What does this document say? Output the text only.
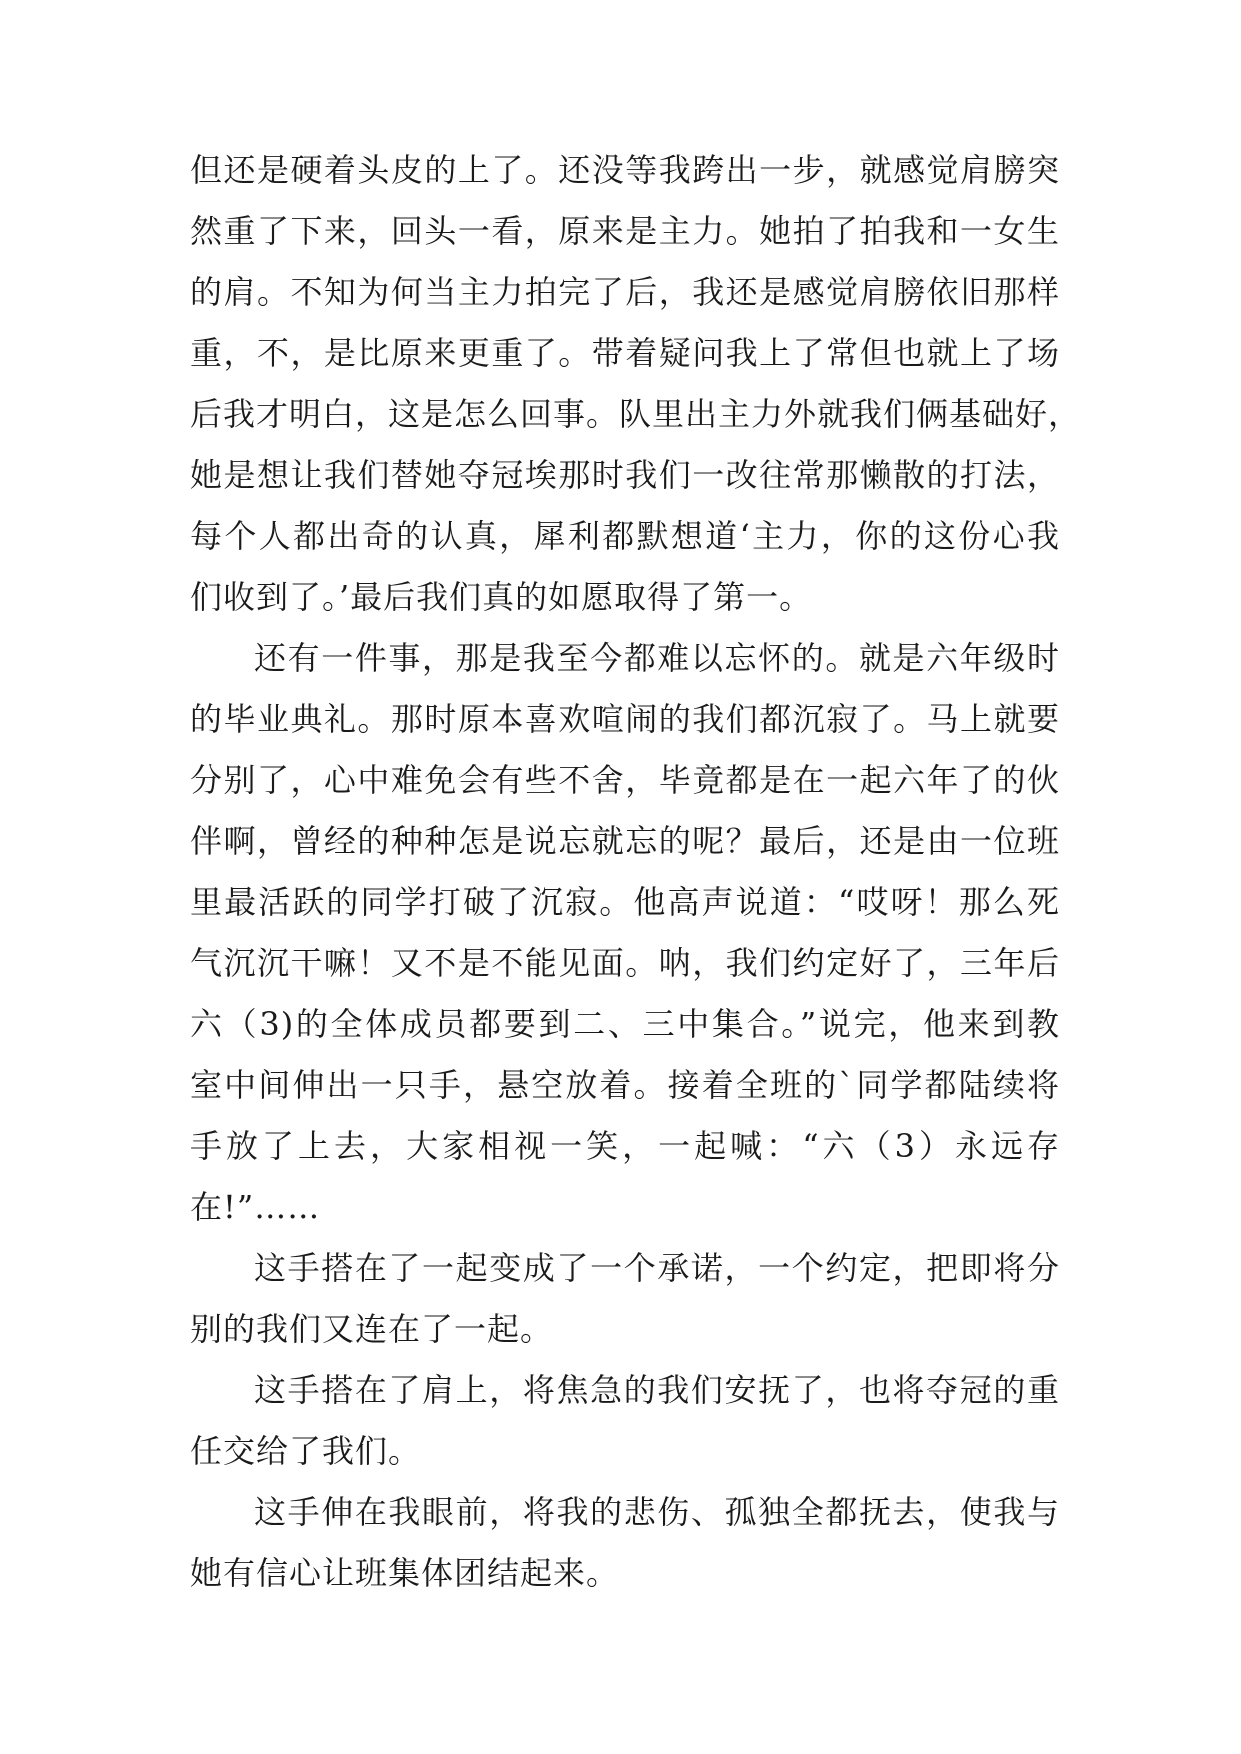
但还是硬着头皮的上了。还没等我跨出一步，就感觉肩膀突
然重了下来，回头一看，原来是主力。她拍了拍我和一女生
的肩。不知为何当主力拍完了后，我还是感觉肩膀依旧那样
重，不，是比原来更重了。带着疑问我上了常但也就上了场
后我才明白，这是怎么回事。队里出主力外就我们俩基础好，
她是想让我们替她夺冠埃那时我们一改往常那懒散的打法，
每个人都出奇的认真，犀利都默想道‘主力，你的这份心我
们收到了。’最后我们真的如愿取得了第一。
还有一件事，那是我至今都难以忘怀的。就是六年级时
的毕业典礼。那时原本喜欢喧闹的我们都沉寂了。马上就要
分别了，心中难免会有些不舍，毕竟都是在一起六年了的伙
伴啊，曾经的种种怎是说忘就忘的呢？最后，还是由一位班
里最活跃的同学打破了沉寂。他高声说道：“哎呀！那么死
气沉沉干嘛！又不是不能见面。呐，我们约定好了，三年后
六（3)的全体成员都要到二、三中集合。”说完，他来到教
室中间伸出一只手，悬空放着。接着全班的`同学都陆续将
手放了上去，大家相视一笑，一起喊：“六（3）永远存
在!”……
这手搭在了一起变成了一个承诺，一个约定，把即将分
别的我们又连在了一起。
这手搭在了肩上，将焦急的我们安抚了，也将夺冠的重
任交给了我们。
这手伸在我眼前，将我的悲伤、孤独全都抚去，使我与
她有信心让班集体团结起来。
